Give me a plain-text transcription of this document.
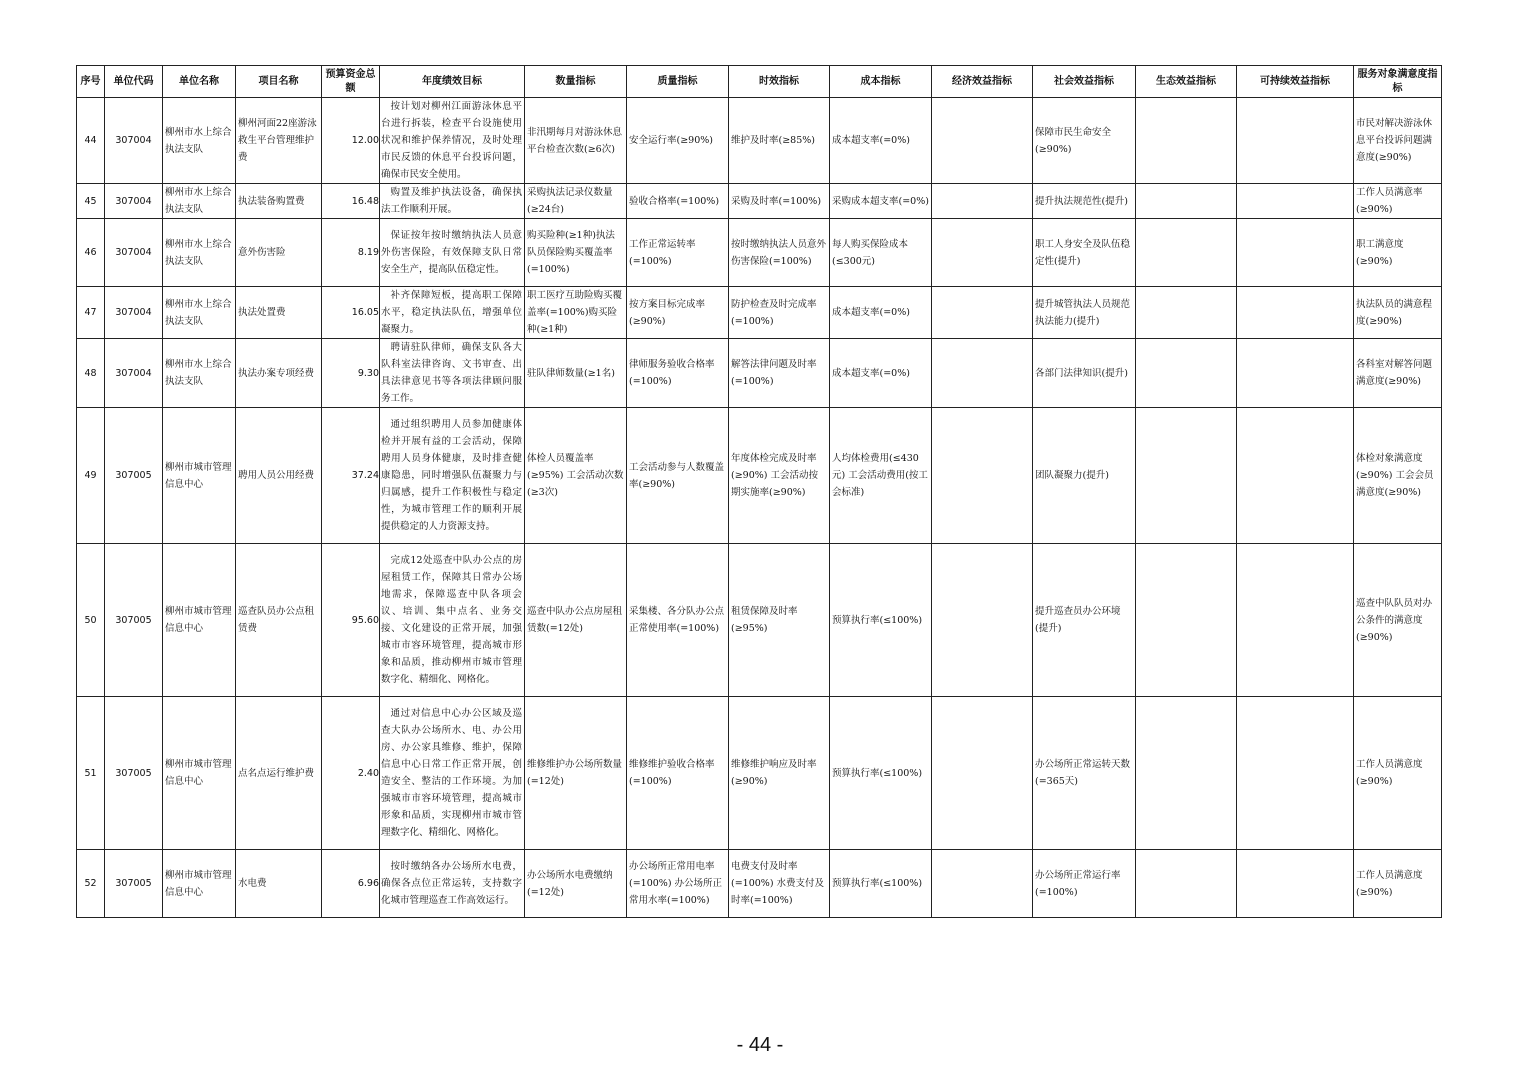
序号	单位代码	单位名称	项目名称	预算资金总额	年度绩效目标	数量指标	质量指标	时效指标	成本指标	经济效益指标	社会效益指标	生态效益指标	可持续效益指标	服务对象满意度指标
44	307004	柳州市水上综合执法支队	柳州河面22座游泳救生平台管理维护费	12.00	按计划对柳州江面游泳休息平台进行拆装，检查平台设施使用状况和维护保养情况，及时处理市民反馈的休息平台投诉问题，确保市民安全使用。	非汛期每月对游泳休息平台检查次数(≥6次)	安全运行率(≥90%)	维护及时率(≥85%)	成本超支率(=0%)		保障市民生命安全(≥90%)			市民对解决游泳休息平台投诉问题满意度(≥90%)
45	307004	柳州市水上综合执法支队	执法装备购置费	16.48	购置及维护执法设备，确保执法工作顺利开展。	采购执法记录仪数量(≥24台)	验收合格率(=100%)	采购及时率(=100%)	采购成本超支率(=0%)		提升执法规范性(提升)			工作人员满意率(≥90%)
46	307004	柳州市水上综合执法支队	意外伤害险	8.19	保证按年按时缴纳执法人员意外伤害保险，有效保障支队日常安全生产，提高队伍稳定性。	购买险种(≥1种)执法队员保险购买覆盖率(=100%)	工作正常运转率(=100%)	按时缴纳执法人员意外伤害保险(=100%)	每人购买保险成本(≤300元)		职工人身安全及队伍稳定性(提升)			职工满意度(≥90%)
47	307004	柳州市水上综合执法支队	执法处置费	16.05	补齐保障短板，提高职工保障水平，稳定执法队伍，增强单位凝聚力。	职工医疗互助险购买覆盖率(=100%)购买险种(≥1种)	按方案目标完成率(≥90%)	防护检查及时完成率(=100%)	成本超支率(=0%)		提升城管执法人员规范执法能力(提升)			执法队员的满意程度(≥90%)
48	307004	柳州市水上综合执法支队	执法办案专项经费	9.30	聘请驻队律师，确保支队各大队科室法律咨询、文书审查、出具法律意见书等各项法律顾问服务工作。	驻队律师数量(≥1名)	律师服务验收合格率(=100%)	解答法律问题及时率(=100%)	成本超支率(=0%)		各部门法律知识(提升)			各科室对解答问题满意度(≥90%)
49	307005	柳州市城市管理信息中心	聘用人员公用经费	37.24	通过组织聘用人员参加健康体检并开展有益的工会活动，保障聘用人员身体健康，及时排查健康隐患，同时增强队伍凝聚力与归属感，提升工作积极性与稳定性，为城市管理工作的顺利开展提供稳定的人力资源支持。	体检人员覆盖率(≥95%) 工会活动次数(≥3次)	工会活动参与人数覆盖率(≥90%)	年度体检完成及时率(≥90%) 工会活动按期实施率(≥90%)	人均体检费用(≤430元) 工会活动费用(按工会标准)		团队凝聚力(提升)			体检对象满意度(≥90%) 工会会员满意度(≥90%)
50	307005	柳州市城市管理信息中心	巡查队员办公点租赁费	95.60	完成12处巡查中队办公点的房屋租赁工作，保障其日常办公场地需求，保障巡查中队各项会议、培训、集中点名、业务交接、文化建设的正常开展，加强城市市容环境管理，提高城市形象和品质，推动柳州市城市管理数字化、精细化、网格化。	巡查中队办公点房屋租赁数(=12处)	采集楼、各分队办公点正常使用率(=100%)	租赁保障及时率(≥95%)	预算执行率(≤100%)		提升巡查员办公环境(提升)			巡查中队队员对办公条件的满意度(≥90%)
51	307005	柳州市城市管理信息中心	点名点运行维护费	2.40	通过对信息中心办公区域及巡查大队办公场所水、电、办公用房、办公家具维修、维护，保障信息中心日常工作正常开展，创造安全、整洁的工作环境。为加强城市市容环境管理，提高城市形象和品质，实现柳州市城市管理数字化、精细化、网格化。	维修维护办公场所数量(=12处)	维修维护验收合格率(=100%)	维修维护响应及时率(≥90%)	预算执行率(≤100%)		办公场所正常运转天数(=365天)			工作人员满意度(≥90%)
52	307005	柳州市城市管理信息中心	水电费	6.96	按时缴纳各办公场所水电费，确保各点位正常运转，支持数字化城市管理巡查工作高效运行。	办公场所水电费缴纳(=12处)	办公场所正常用电率(=100%) 办公场所正常用水率(=100%)	电费支付及时率(=100%) 水费支付及时率(=100%)	预算执行率(≤100%)		办公场所正常运行率(=100%)			工作人员满意度(≥90%)
- 44 -
